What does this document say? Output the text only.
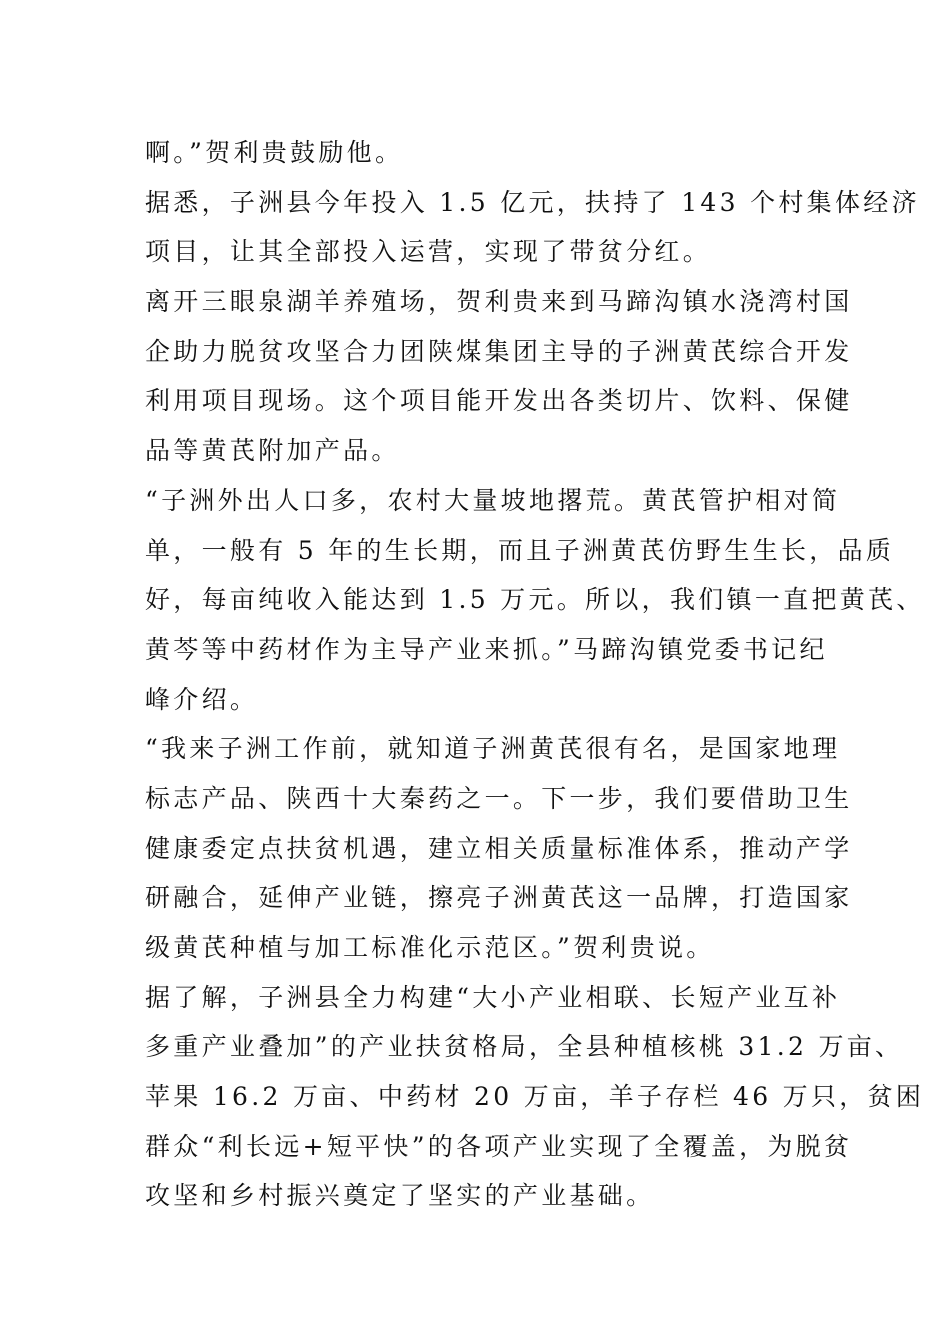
啊。”贺利贵鼓励他。
据悉，子洲县今年投入 1.5 亿元，扶持了 143 个村集体经济
项目，让其全部投入运营，实现了带贫分红。
离开三眼泉湖羊养殖场，贺利贵来到马蹄沟镇水浇湾村国
企助力脱贫攻坚合力团陕煤集团主导的子洲黄芪综合开发
利用项目现场。这个项目能开发出各类切片、饮料、保健
品等黄芪附加产品。
“子洲外出人口多，农村大量坡地撂荒。黄芪管护相对简
单，一般有 5 年的生长期，而且子洲黄芪仿野生生长，品质
好，每亩纯收入能达到 1.5 万元。所以，我们镇一直把黄芪、
黄芩等中药材作为主导产业来抓。”马蹄沟镇党委书记纪
峰介绍。
“我来子洲工作前，就知道子洲黄芪很有名，是国家地理
标志产品、陕西十大秦药之一。下一步，我们要借助卫生
健康委定点扶贫机遇，建立相关质量标准体系，推动产学
研融合，延伸产业链，擦亮子洲黄芪这一品牌，打造国家
级黄芪种植与加工标准化示范区。”贺利贵说。
据了解，子洲县全力构建“大小产业相联、长短产业互补
多重产业叠加”的产业扶贫格局，全县种植核桃 31.2 万亩、
苹果 16.2 万亩、中药材 20 万亩，羊子存栏 46 万只，贫困
群众“利长远+短平快”的各项产业实现了全覆盖，为脱贫
攻坚和乡村振兴奠定了坚实的产业基础。
